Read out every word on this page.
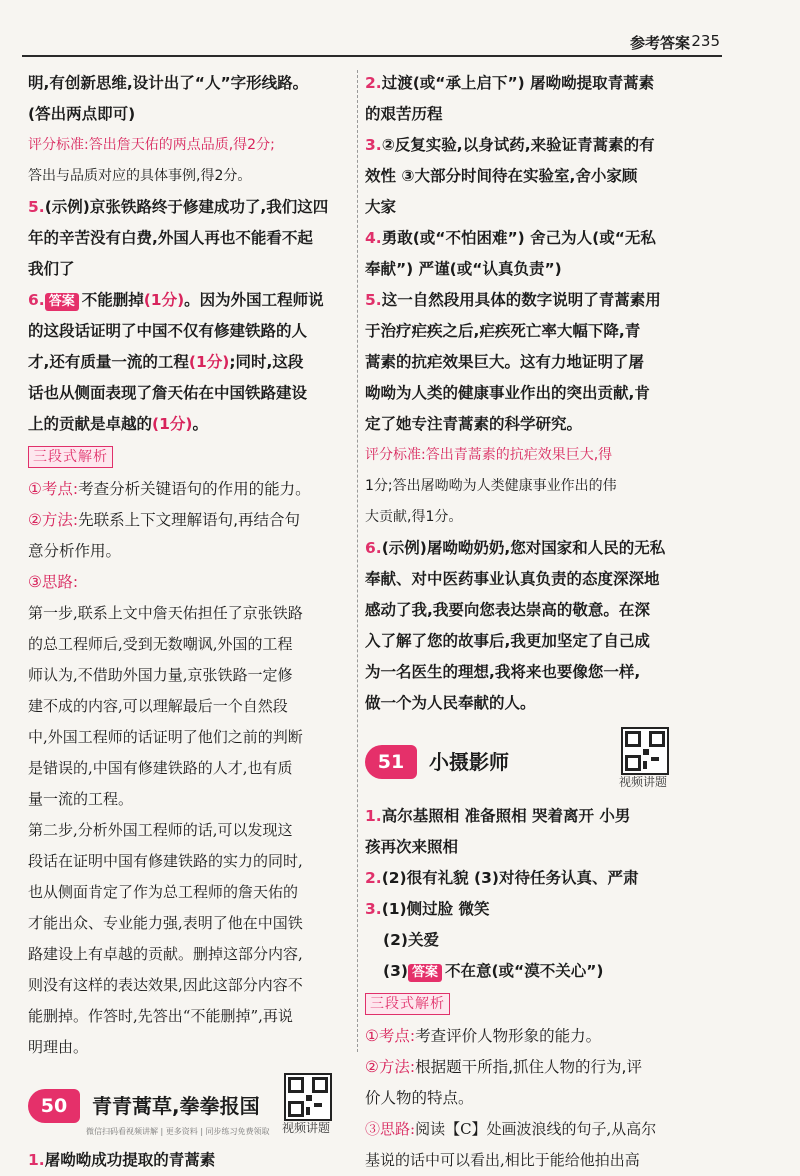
参考答案 235

明,有创新思维,设计出了“人”字形线路。

(答出两点即可)

评分标准:答出詹天佑的两点品质,得2分;

答出与品质对应的具体事例,得2分。

5.(示例)京张铁路终于修建成功了,我们这四

年的辛苦没有白费,外国人再也不能看不起

我们了

6. 答案 不能删掉(1分)。因为外国工程师说

的这段话证明了中国不仅有修建铁路的人

才,还有质量一流的工程(1分);同时,这段

话也从侧面表现了詹天佑在中国铁路建设

上的贡献是卓越的(1分)。

三段式解析

①考点:考查分析关键语句的作用的能力。

②方法:先联系上下文理解语句,再结合句

意分析作用。

③思路:

第一步,联系上文中詹天佑担任了京张铁路

的总工程师后,受到无数嘲讽,外国的工程

师认为,不借助外国力量,京张铁路一定修

建不成的内容,可以理解最后一个自然段

中,外国工程师的话证明了他们之前的判断

是错误的,中国有修建铁路的人才,也有质

量一流的工程。

第二步,分析外国工程师的话,可以发现这

段话在证明中国有修建铁路的实力的同时,

也从侧面肯定了作为总工程师的詹天佑的

才能出众、专业能力强,表明了他在中国铁

路建设上有卓越的贡献。删掉这部分内容,

则没有这样的表达效果,因此这部分内容不

能删掉。作答时,先答出“不能删掉”,再说

明理由。

50	青青蒿草,拳拳报国
微信扫码看视频讲解 | 更多资料 | 同步练习免费领取 视频讲题

1.屠呦呦成功提取的青蒿素

2.过渡(或“承上启下”) 屠呦呦提取青蒿素

的艰苦历程

3.②反复实验,以身试药,来验证青蒿素的有

效性 ③大部分时间待在实验室,舍小家顾

大家

4.勇敢(或“不怕困难”) 舍己为人(或“无私

奉献”) 严谨(或“认真负责”)

5.这一自然段用具体的数字说明了青蒿素用

于治疗疟疾之后,疟疾死亡率大幅下降,青

蒿素的抗疟效果巨大。这有力地证明了屠

呦呦为人类的健康事业作出的突出贡献,肯

定了她专注青蒿素的科学研究。

评分标准:答出青蒿素的抗疟效果巨大,得

1分;答出屠呦呦为人类健康事业作出的伟

大贡献,得1分。

6.(示例)屠呦呦奶奶,您对国家和人民的无私

奉献、对中医药事业认真负责的态度深深地

感动了我,我要向您表达崇高的敬意。在深

入了解了您的故事后,我更加坚定了自己成

为一名医生的理想,我将来也要像您一样,

做一个为人民奉献的人。

51	小摄影师
视频讲题

1.高尔基照相 准备照相 哭着离开 小男

孩再次来照相

2.(2)很有礼貌 (3)对待任务认真、严肃

3.(1)侧过脸 微笑

(2)关爱

(3) 答案 不在意(或“漠不关心”)

三段式解析

①考点:考查评价人物形象的能力。

②方法:根据题干所指,抓住人物的行为,评

价人物的特点。

③思路:阅读【C】处画波浪线的句子,从高尔

基说的话中可以看出,相比于能给他拍出高
